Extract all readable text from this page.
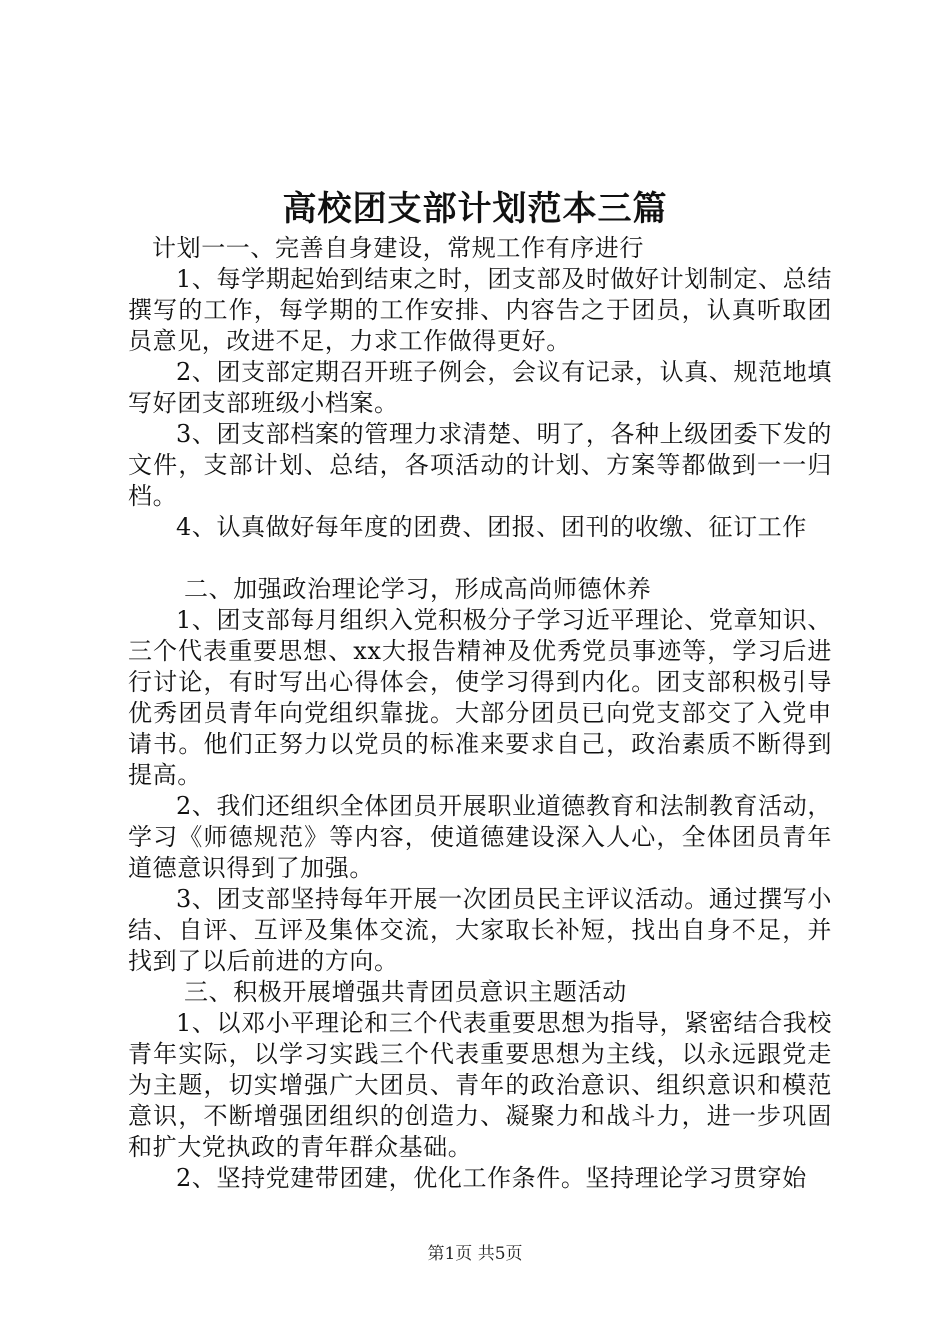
高校团支部计划范本三篇

计划一一、完善自身建设，常规工作有序进行

1、每学期起始到结束之时，团支部及时做好计划制定、总结撰写的工作，每学期的工作安排、内容告之于团员，认真听取团员意见，改进不足，力求工作做得更好。

2、团支部定期召开班子例会，会议有记录，认真、规范地填写好团支部班级小档案。

3、团支部档案的管理力求清楚、明了，各种上级团委下发的文件，支部计划、总结，各项活动的计划、方案等都做到一一归档。

4、认真做好每年度的团费、团报、团刊的收缴、征订工作

二、加强政治理论学习，形成高尚师德休养

1、团支部每月组织入党积极分子学习近平理论、党章知识、三个代表重要思想、xx大报告精神及优秀党员事迹等，学习后进行讨论，有时写出心得体会，使学习得到内化。团支部积极引导优秀团员青年向党组织靠拢。大部分团员已向党支部交了入党申请书。他们正努力以党员的标准来要求自己，政治素质不断得到提高。

2、我们还组织全体团员开展职业道德教育和法制教育活动，学习《师德规范》等内容，使道德建设深入人心，全体团员青年道德意识得到了加强。

3、团支部坚持每年开展一次团员民主评议活动。通过撰写小结、自评、互评及集体交流，大家取长补短，找出自身不足，并找到了以后前进的方向。

三、积极开展增强共青团员意识主题活动

1、以邓小平理论和三个代表重要思想为指导，紧密结合我校青年实际，以学习实践三个代表重要思想为主线，以永远跟党走为主题，切实增强广大团员、青年的政治意识、组织意识和模范意识，不断增强团组织的创造力、凝聚力和战斗力，进一步巩固和扩大党执政的青年群众基础。

2、坚持党建带团建，优化工作条件。坚持理论学习贯穿始

第1页 共5页
